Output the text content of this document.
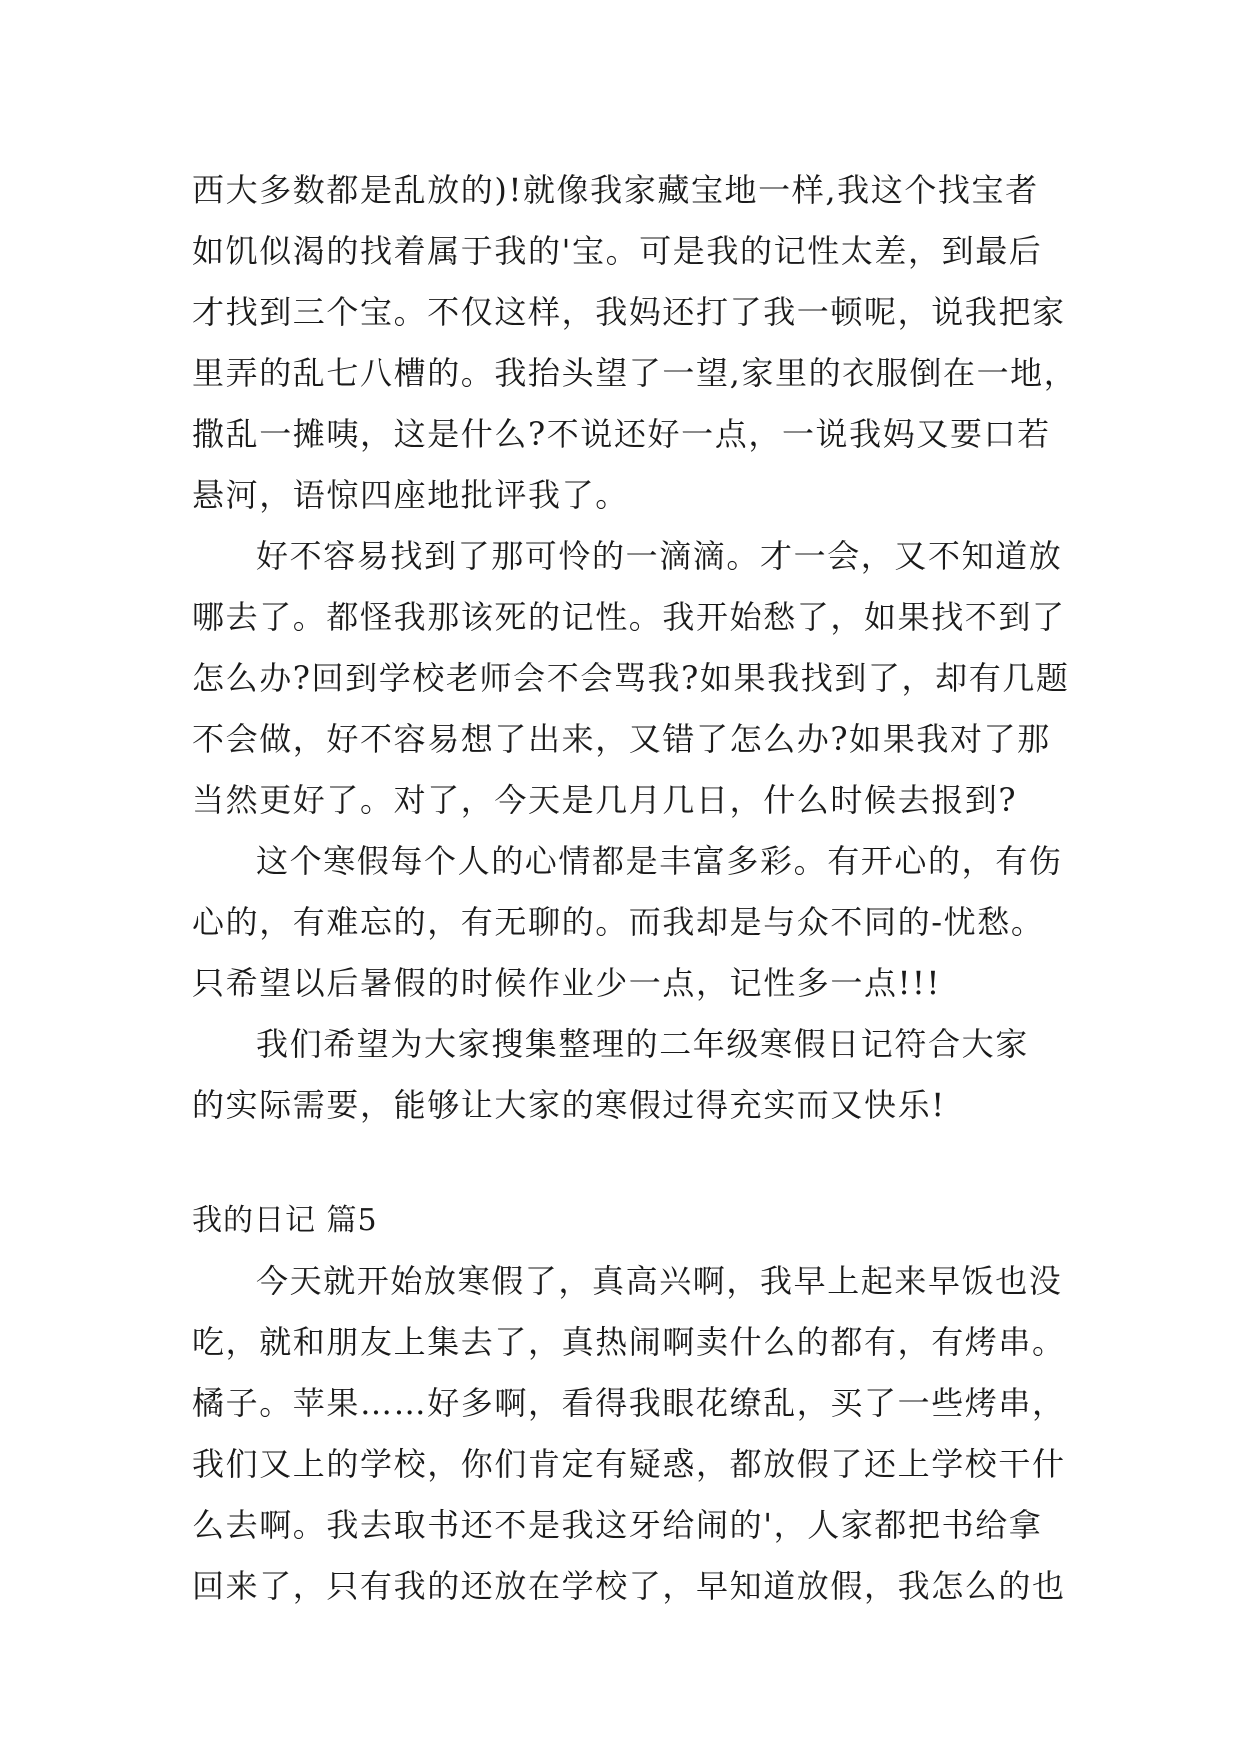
西大多数都是乱放的)!就像我家藏宝地一样,我这个找宝者
如饥似渴的找着属于我的'宝。可是我的记性太差，到最后
才找到三个宝。不仅这样，我妈还打了我一顿呢，说我把家
里弄的乱七八槽的。我抬头望了一望,家里的衣服倒在一地，
撒乱一摊咦，这是什么?不说还好一点，一说我妈又要口若
悬河，语惊四座地批评我了。
好不容易找到了那可怜的一滴滴。才一会，又不知道放
哪去了。都怪我那该死的记性。我开始愁了，如果找不到了
怎么办?回到学校老师会不会骂我?如果我找到了，却有几题
不会做，好不容易想了出来，又错了怎么办?如果我对了那
当然更好了。对了，今天是几月几日，什么时候去报到?
这个寒假每个人的心情都是丰富多彩。有开心的，有伤
心的，有难忘的，有无聊的。而我却是与众不同的-忧愁。
只希望以后暑假的时候作业少一点，记性多一点!!!
我们希望为大家搜集整理的二年级寒假日记符合大家
的实际需要，能够让大家的寒假过得充实而又快乐!
我的日记 篇5
今天就开始放寒假了，真高兴啊，我早上起来早饭也没
吃，就和朋友上集去了，真热闹啊卖什么的都有，有烤串。
橘子。苹果……好多啊，看得我眼花缭乱，买了一些烤串，
我们又上的学校，你们肯定有疑惑，都放假了还上学校干什
么去啊。我去取书还不是我这牙给闹的'，人家都把书给拿
回来了，只有我的还放在学校了，早知道放假，我怎么的也
